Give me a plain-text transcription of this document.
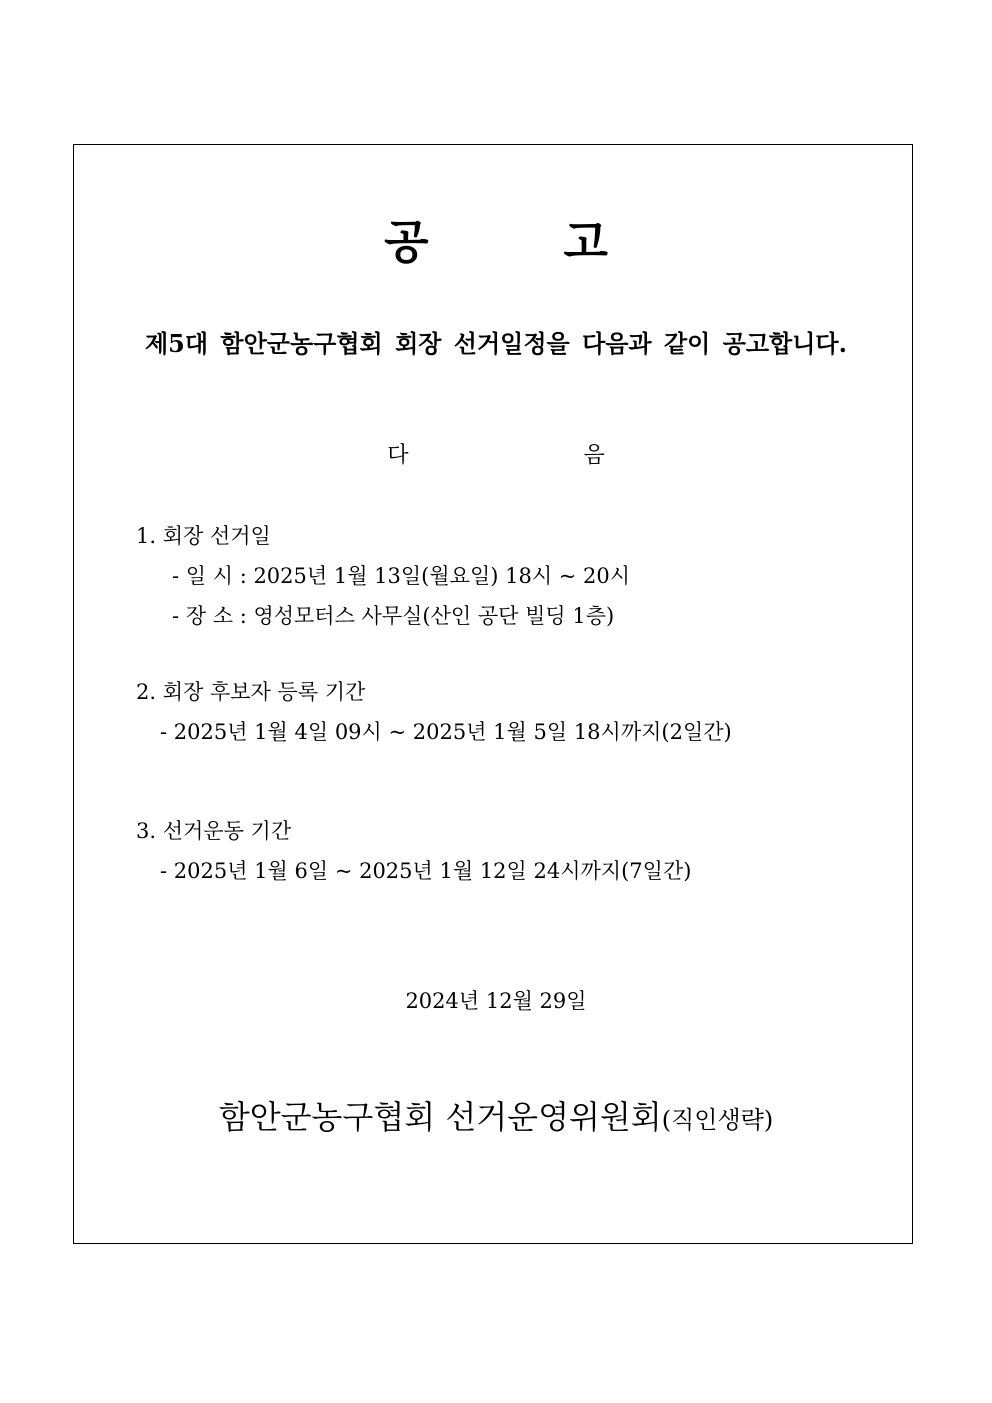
공	고
제5대 함안군농구협회 회장 선거일정을 다음과 같이 공고합니다.
다	음
1. 회장 선거일
- 일 시 : 2025년 1월 13일(월요일) 18시 ~ 20시
- 장 소 : 영성모터스 사무실(산인 공단 빌딩 1층)
2. 회장 후보자 등록 기간
- 2025년 1월 4일 09시 ~ 2025년 1월 5일 18시까지(2일간)
3. 선거운동 기간
- 2025년 1월 6일 ~ 2025년 1월 12일 24시까지(7일간)
2024년 12월 29일
함안군농구협회 선거운영위원회(직인생략)
